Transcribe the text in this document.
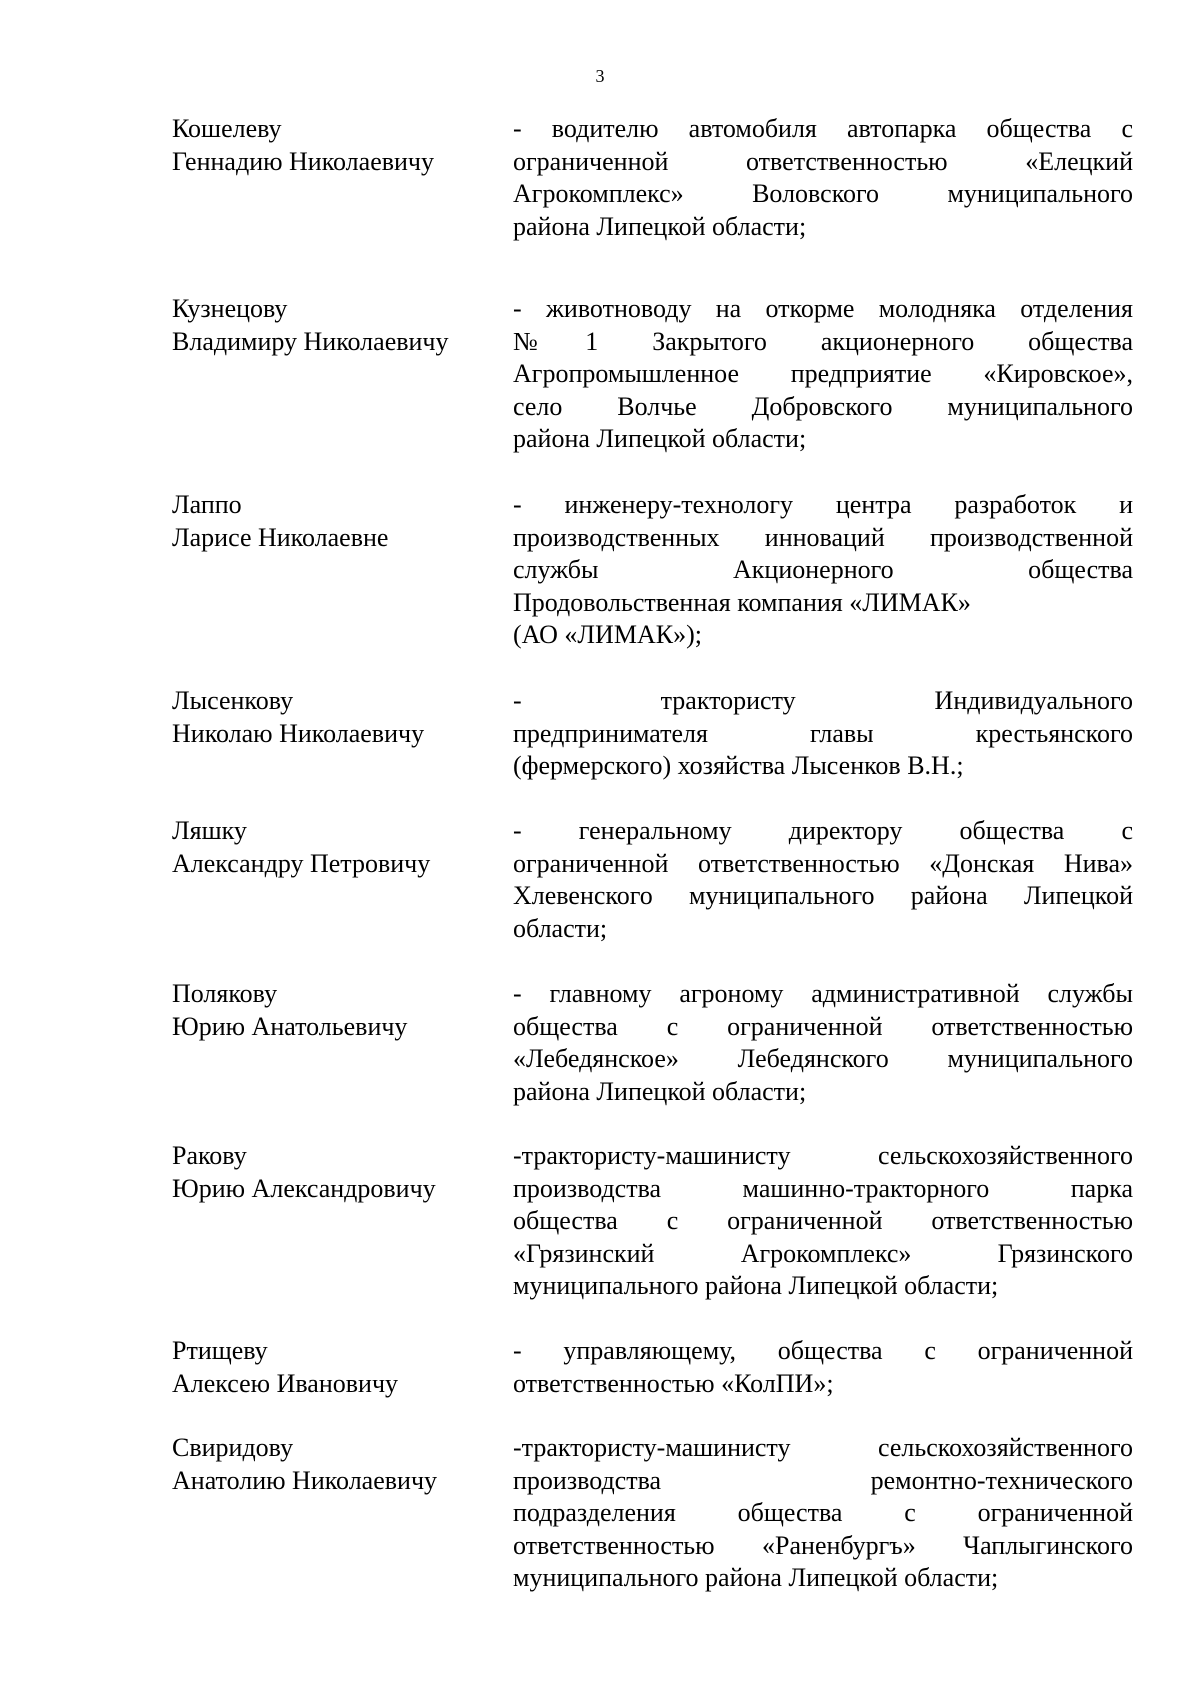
3
Кошелеву
Геннадию Николаевичу
- водителю автомобиля автопарка общества с
ограниченной ответственностью «Елецкий
Агрокомплекс» Воловского муниципального
района Липецкой области;
Кузнецову
Владимиру Николаевичу
- животноводу на откорме молодняка отделения
№1 Закрытого акционерного общества
Агропромышленное предприятие «Кировское»,
село Волчье Добровского муниципального
района Липецкой области;
Лаппо
Ларисе Николаевне
- инженеру-технологу центра разработок и
производственных инноваций производственной
службы Акционерного общества
Продовольственная компания «ЛИМАК»
(АО «ЛИМАК»);
Лысенкову
Николаю Николаевичу
- трактористу Индивидуального
предпринимателя главы крестьянского
(фермерского) хозяйства Лысенков В.Н.;
Ляшку
Александру Петровичу
- генеральному директору общества с
ограниченной ответственностью «Донская Нива»
Хлевенского муниципального района Липецкой
области;
Полякову
Юрию Анатольевичу
- главному агроному административной службы
общества с ограниченной ответственностью
«Лебедянское» Лебедянского муниципального
района Липецкой области;
Ракову
Юрию Александровичу
-трактористу-машинисту сельскохозяйственного
производства машинно-тракторного парка
общества с ограниченной ответственностью
«Грязинский Агрокомплекс» Грязинского
муниципального района Липецкой области;
Ртищеву
Алексею Ивановичу
- управляющему, общества с ограниченной
ответственностью «КолПИ»;
Свиридову
Анатолию Николаевичу
-трактористу-машинисту сельскохозяйственного
производства ремонтно-технического
подразделения общества с ограниченной
ответственностью «Раненбургъ» Чаплыгинского
муниципального района Липецкой области;
